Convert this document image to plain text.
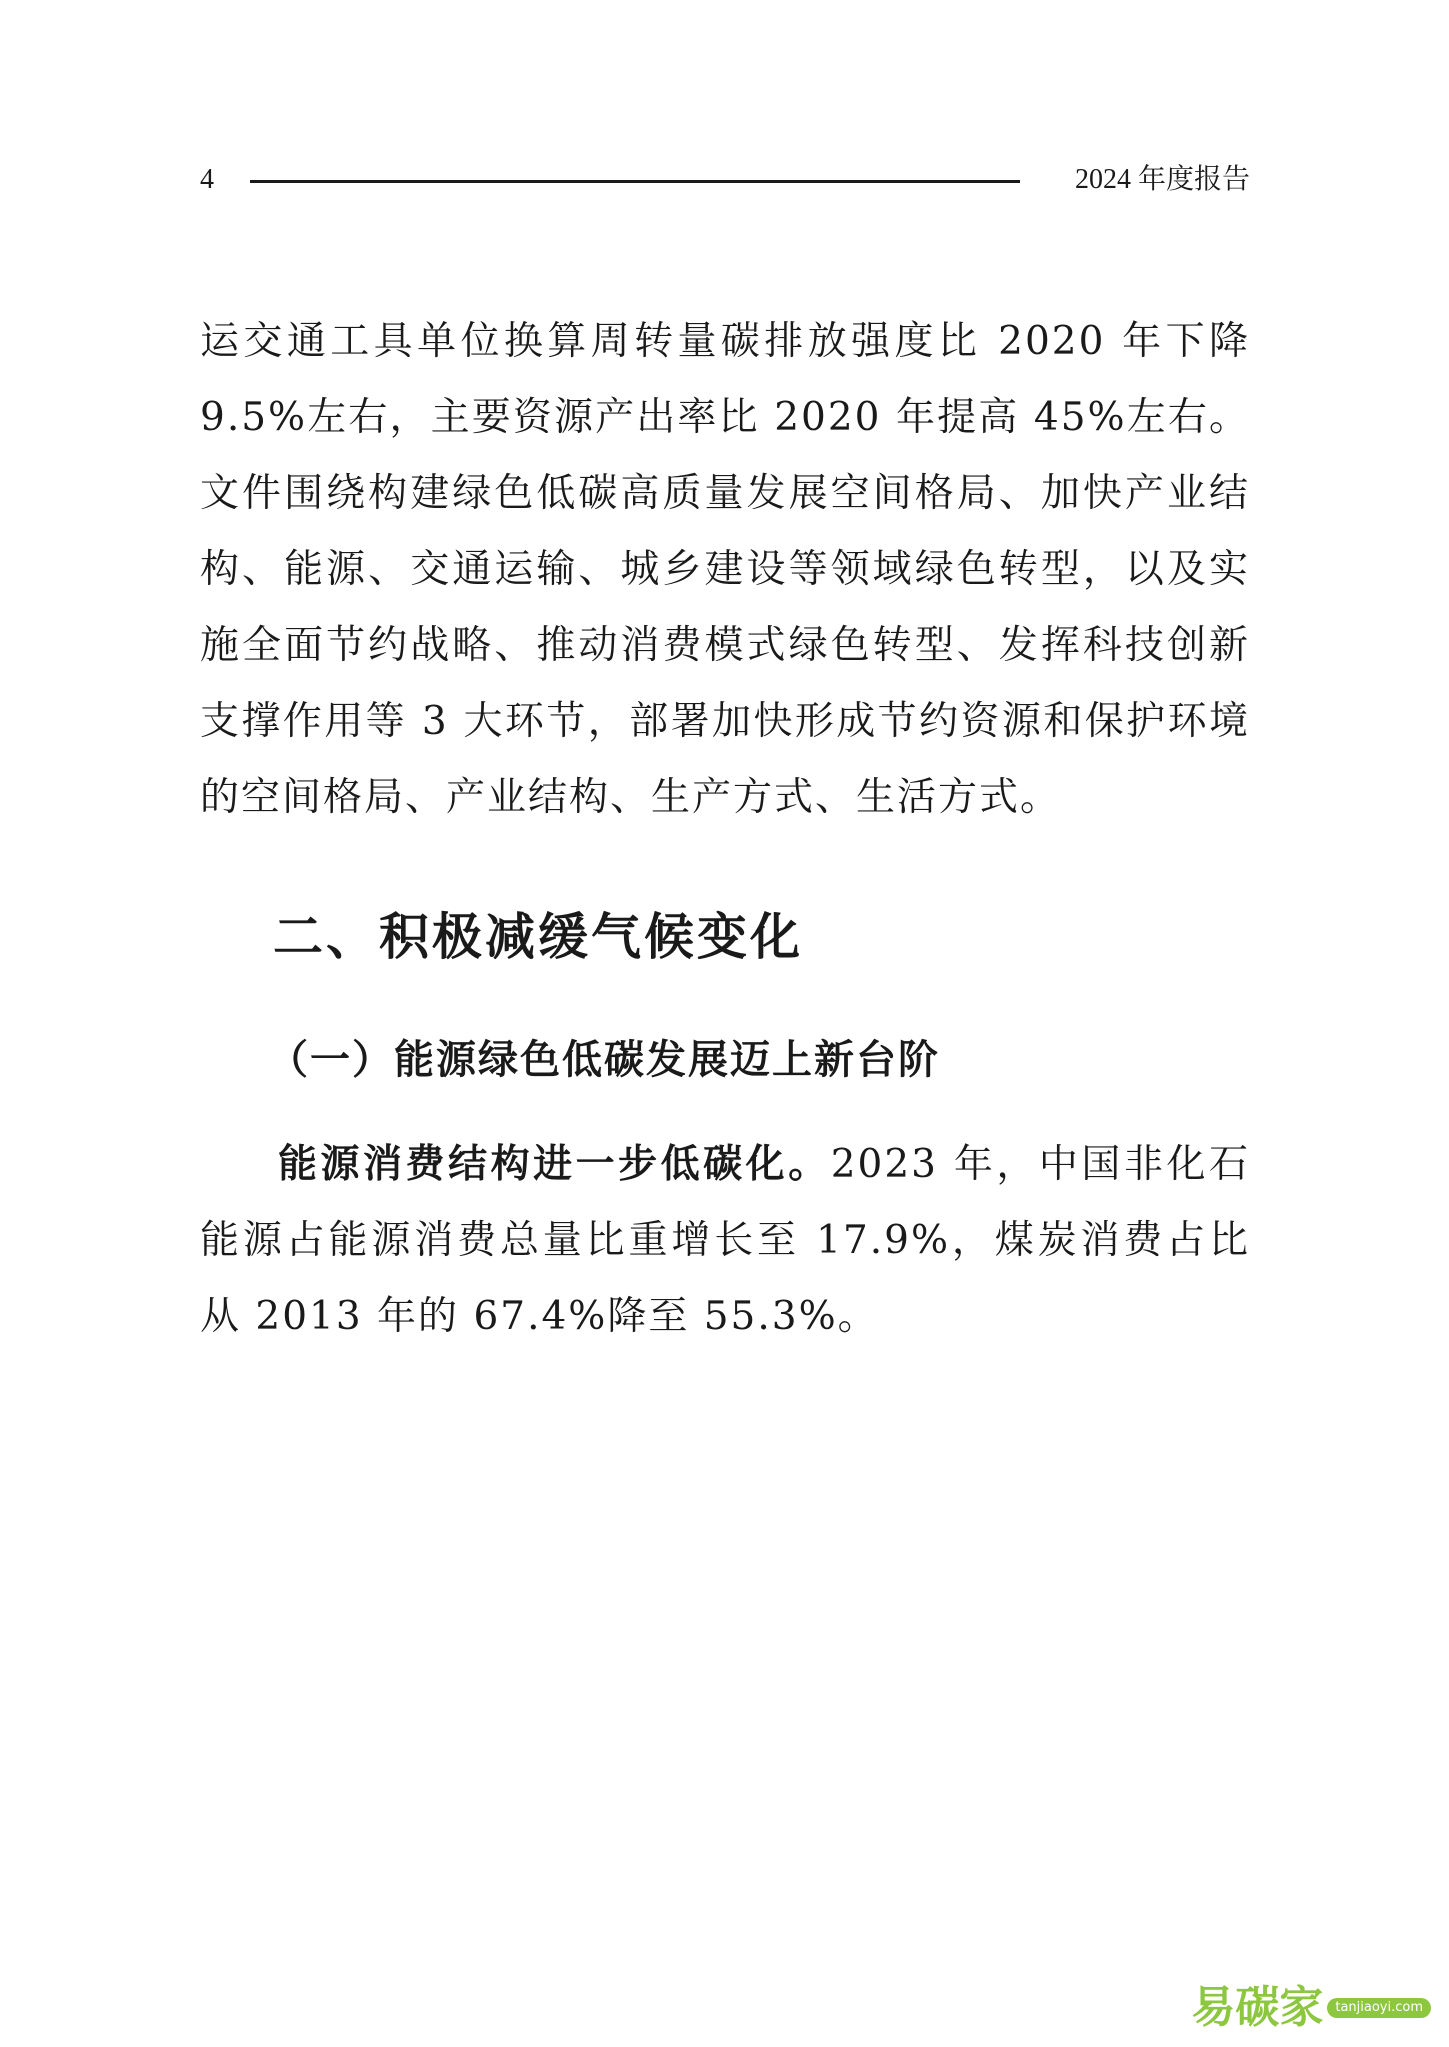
4	2024 年度报告

运交通工具单位换算周转量碳排放强度比 2020 年下降 9.5%左右，主要资源产出率比 2020 年提高 45%左右。文件围绕构建绿色低碳高质量发展空间格局、加快产业结构、能源、交通运输、城乡建设等领域绿色转型，以及实施全面节约战略、推动消费模式绿色转型、发挥科技创新支撑作用等 3 大环节，部署加快形成节约资源和保护环境的空间格局、产业结构、生产方式、生活方式。

二、积极减缓气候变化
（一）能源绿色低碳发展迈上新台阶

能源消费结构进一步低碳化。2023 年，中国非化石能源占能源消费总量比重增长至 17.9%，煤炭消费占比从 2013 年的 67.4%降至 55.3%。

易碳家 tanjiaoyi.com
